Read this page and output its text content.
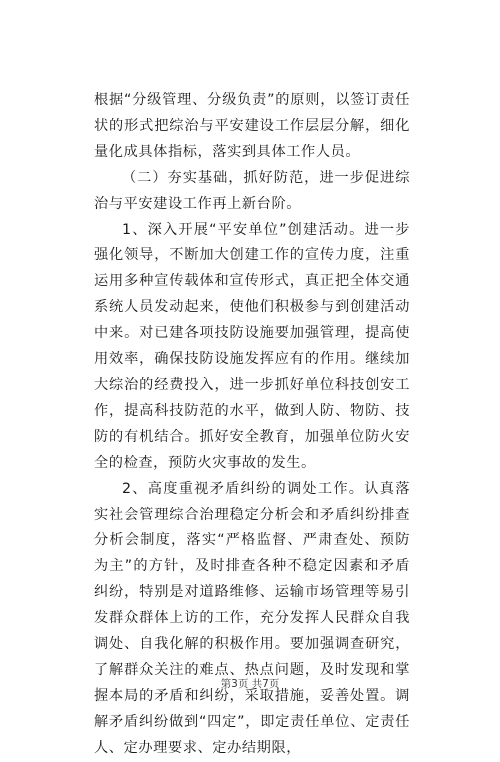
根据“分级管理、分级负责”的原则，以签订责任状的形式把综治与平安建设工作层层分解，细化量化成具体指标，落实到具体工作人员。

（二）夯实基础，抓好防范，进一步促进综治与平安建设工作再上新台阶。

1、深入开展“平安单位”创建活动。进一步强化领导，不断加大创建工作的宣传力度，注重运用多种宣传载体和宣传形式，真正把全体交通系统人员发动起来，使他们积极参与到创建活动中来。对已建各项技防设施要加强管理，提高使用效率，确保技防设施发挥应有的作用。继续加大综治的经费投入，进一步抓好单位科技创安工作，提高科技防范的水平，做到人防、物防、技防的有机结合。抓好安全教育，加强单位防火安全的检查，预防火灾事故的发生。

2、高度重视矛盾纠纷的调处工作。认真落实社会管理综合治理稳定分析会和矛盾纠纷排查分析会制度，落实“严格监督、严肃查处、预防为主”的方针，及时排查各种不稳定因素和矛盾纠纷，特别是对道路维修、运输市场管理等易引发群众群体上访的工作，充分发挥人民群众自我调处、自我化解的积极作用。要加强调查研究，了解群众关注的难点、热点问题，及时发现和掌握本局的矛盾和纠纷，采取措施，妥善处置。调解矛盾纠纷做到“四定”，即定责任单位、定责任人、定办理要求、定办结期限，

第3页 共7页
